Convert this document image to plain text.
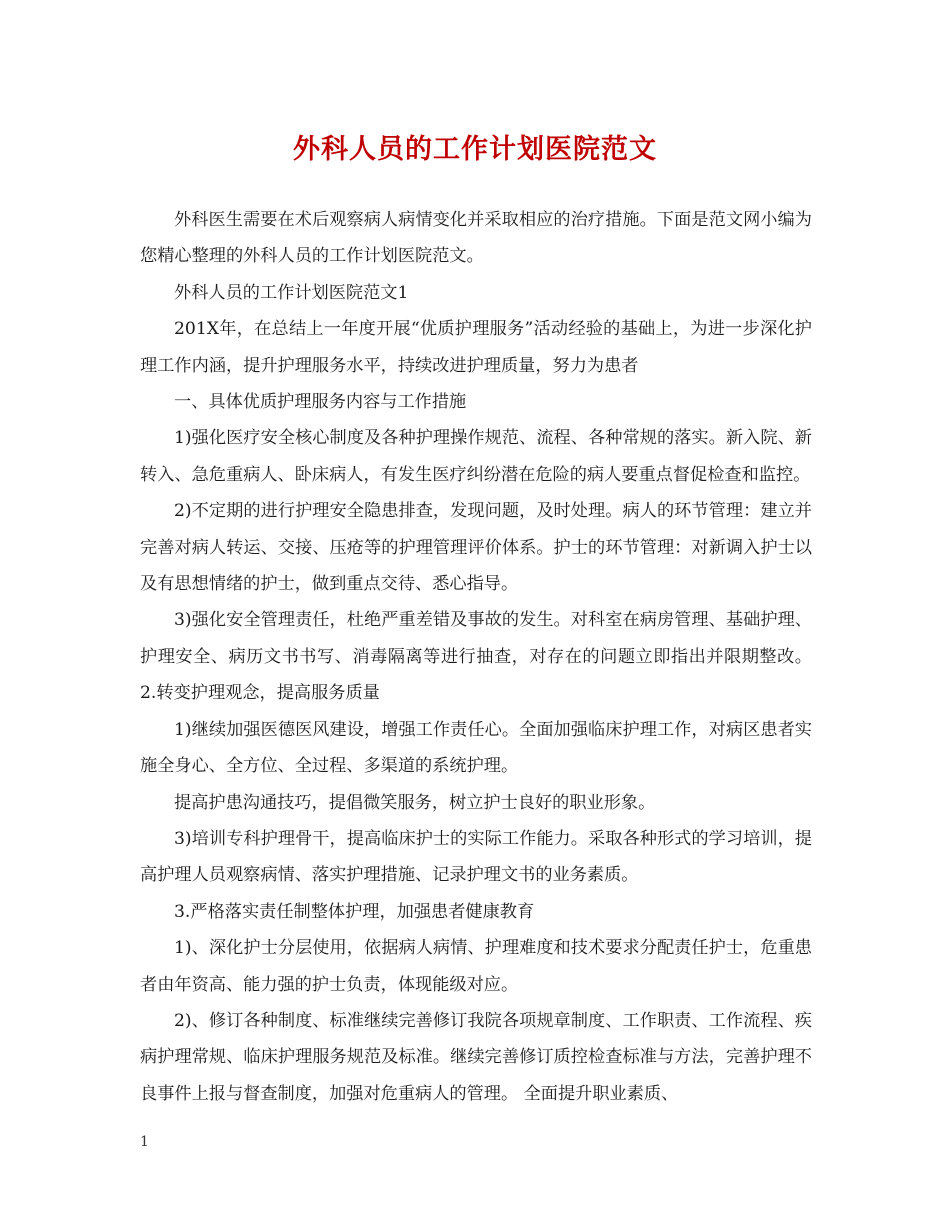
外科人员的工作计划医院范文

外科医生需要在术后观察病人病情变化并采取相应的治疗措施。下面是范文网小编为您精心整理的外科人员的工作计划医院范文。

外科人员的工作计划医院范文1

201X年，在总结上一年度开展“优质护理服务”活动经验的基础上，为进一步深化护理工作内涵，提升护理服务水平，持续改进护理质量，努力为患者

一、具体优质护理服务内容与工作措施

1)强化医疗安全核心制度及各种护理操作规范、流程、各种常规的落实。新入院、新转入、急危重病人、卧床病人，有发生医疗纠纷潜在危险的病人要重点督促检查和监控。

2)不定期的进行护理安全隐患排查，发现问题，及时处理。病人的环节管理：建立并完善对病人转运、交接、压疮等的护理管理评价体系。护士的环节管理：对新调入护士以及有思想情绪的护士，做到重点交待、悉心指导。

3)强化安全管理责任，杜绝严重差错及事故的发生。对科室在病房管理、基础护理、护理安全、病历文书书写、消毒隔离等进行抽查，对存在的问题立即指出并限期整改。 2.转变护理观念，提高服务质量

1)继续加强医德医风建设，增强工作责任心。全面加强临床护理工作，对病区患者实施全身心、全方位、全过程、多渠道的系统护理。

提高护患沟通技巧，提倡微笑服务，树立护士良好的职业形象。

3)培训专科护理骨干，提高临床护士的实际工作能力。采取各种形式的学习培训，提高护理人员观察病情、落实护理措施、记录护理文书的业务素质。

3.严格落实责任制整体护理，加强患者健康教育

1)、深化护士分层使用，依据病人病情、护理难度和技术要求分配责任护士，危重患者由年资高、能力强的护士负责，体现能级对应。

2)、修订各种制度、标准继续完善修订我院各项规章制度、工作职责、工作流程、疾病护理常规、临床护理服务规范及标准。继续完善修订质控检查标准与方法，完善护理不良事件上报与督查制度，加强对危重病人的管理。 全面提升职业素质、

1
